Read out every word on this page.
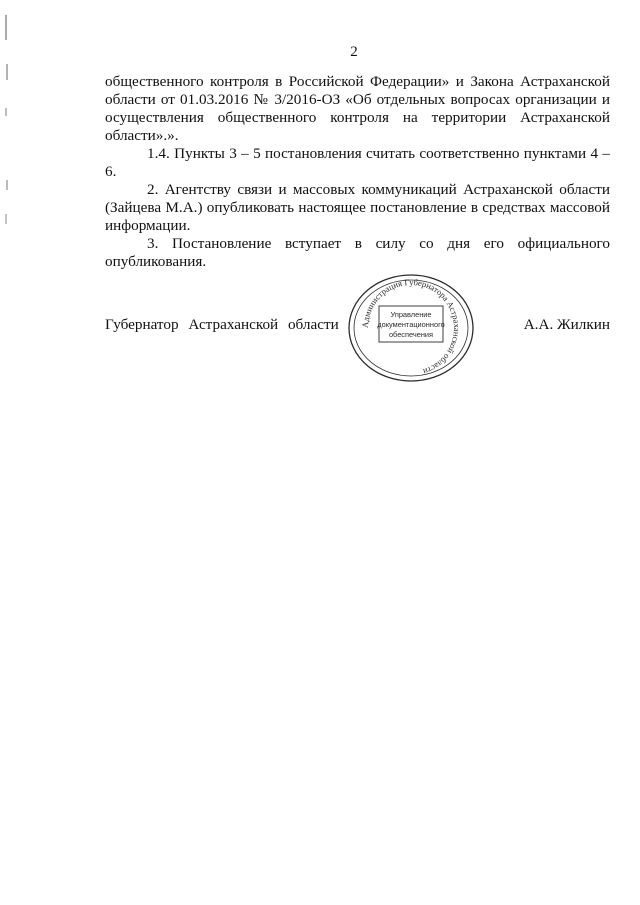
2

общественного контроля в Российской Федерации» и Закона Астраханской области от 01.03.2016 № 3/2016-ОЗ «Об отдельных вопросах организации и осуществления общественного контроля на территории Астраханской области».».

1.4. Пункты 3 – 5 постановления считать соответственно пунктами 4 – 6.

2. Агентству связи и массовых коммуникаций Астраханской области (Зайцева М.А.) опубликовать настоящее постановление в средствах массовой информации.

3. Постановление вступает в силу со дня его официального опубликования.

Губернатор Астраханской области	А.А. Жилкин
Администрация Губернатора Астраханской области
Управление
документационного
обеспечения
